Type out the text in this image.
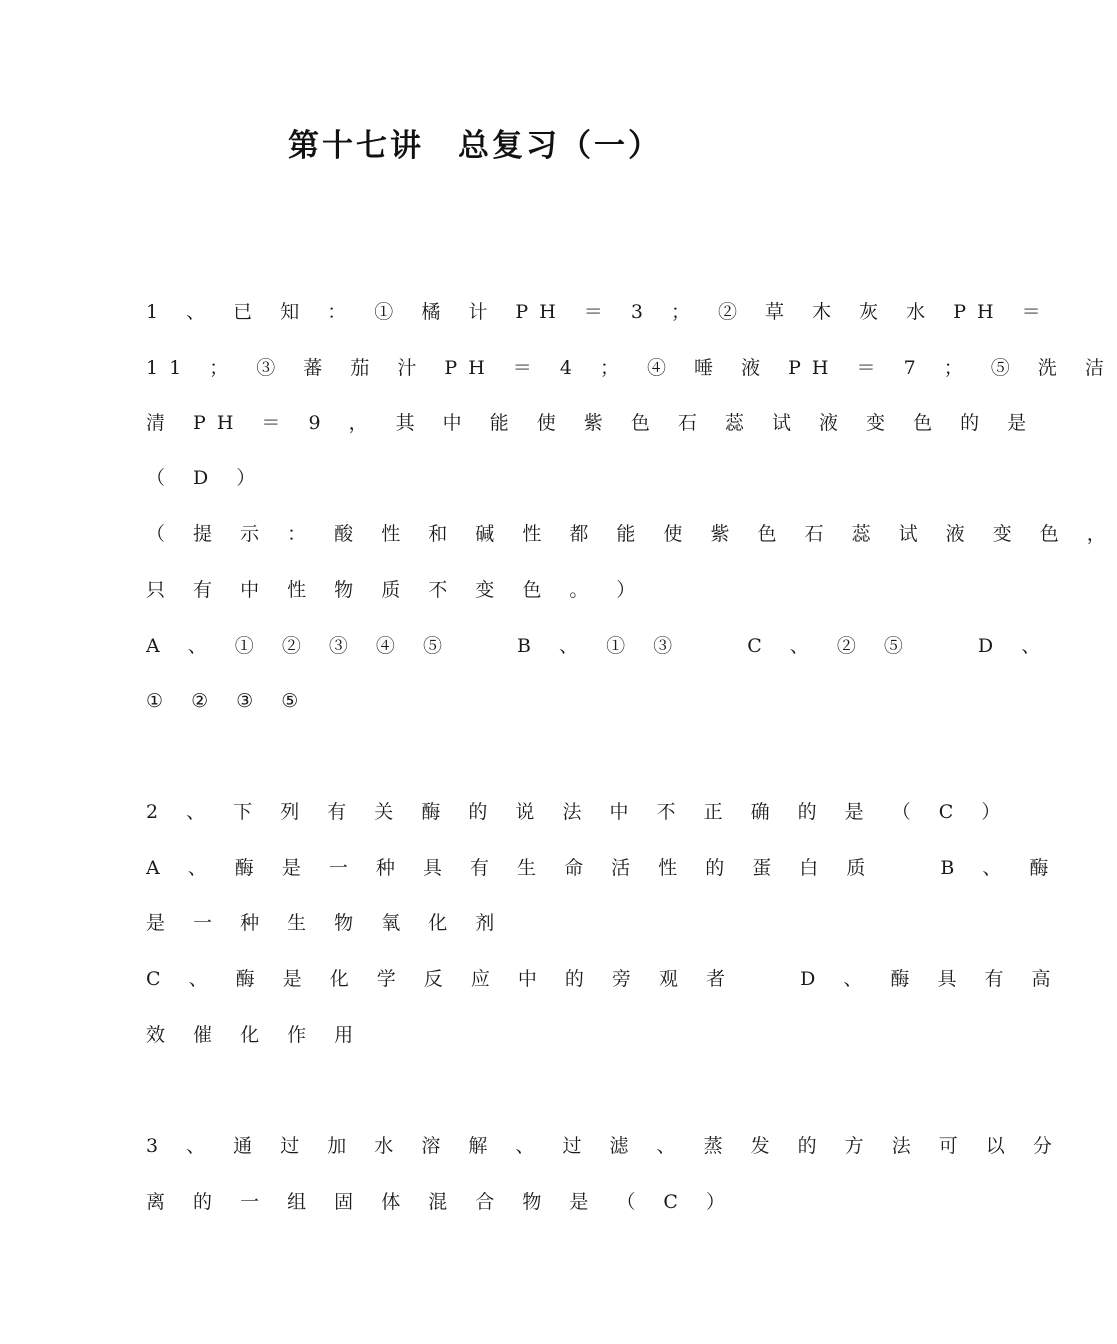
第十七讲　总复习（一）
1 、 已 知 ： ① 橘 计 PH ＝ 3 ； ② 草 木 灰 水 PH ＝
11 ； ③ 蕃 茄 汁 PH ＝ 4 ； ④ 唾 液 PH ＝ 7 ； ⑤ 洗 洁
清 PH ＝ 9 ， 其 中 能 使 紫 色 石 蕊 试 液 变 色 的 是
（ D ）
（ 提 示 ： 酸 性 和 碱 性 都 能 使 紫 色 石 蕊 试 液 变 色 ，
只 有 中 性 物 质 不 变 色 。 ）
A 、 ① ② ③ ④ ⑤ 　 B 、 ① ③ 　 C 、 ② ⑤ 　 D 、
① ② ③ ⑤
2 、 下 列 有 关 酶 的 说 法 中 不 正 确 的 是 （ C ）
A 、 酶 是 一 种 具 有 生 命 活 性 的 蛋 白 质 　 B 、 酶
是 一 种 生 物 氧 化 剂
C 、 酶 是 化 学 反 应 中 的 旁 观 者 　 D 、 酶 具 有 高
效 催 化 作 用
3 、 通 过 加 水 溶 解 、 过 滤 、 蒸 发 的 方 法 可 以 分
离 的 一 组 固 体 混 合 物 是 （ C ）
